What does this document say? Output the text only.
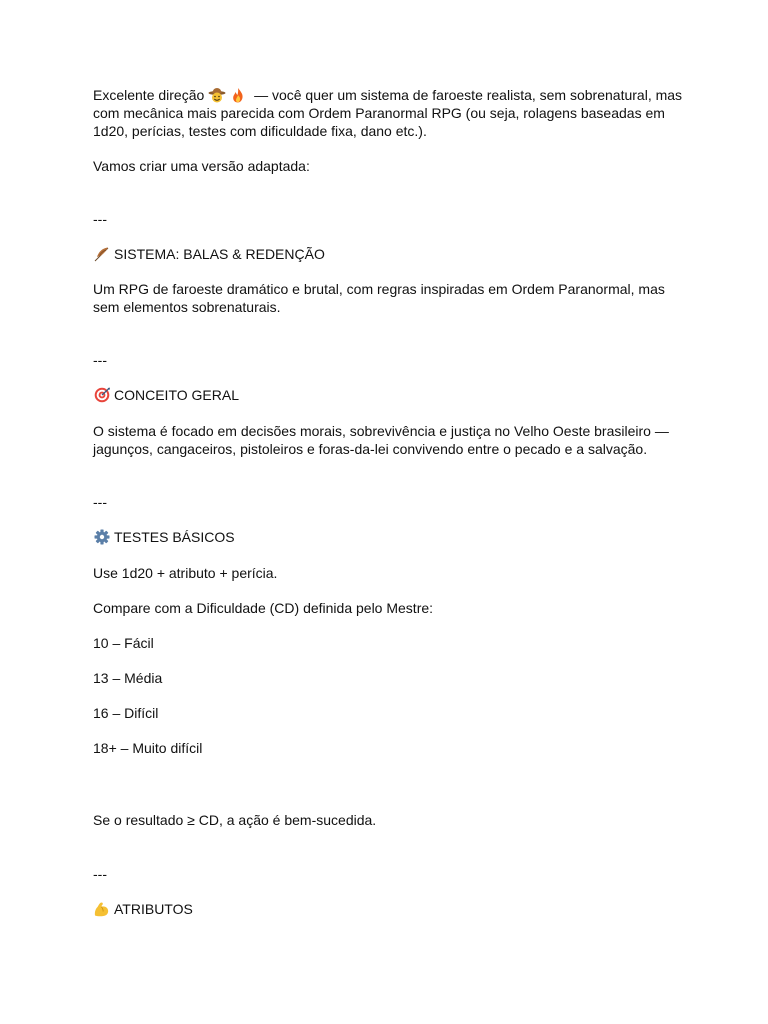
Excelente direção	— você quer um sistema de faroeste realista, sem sobrenatural, mas com mecânica mais parecida com Ordem Paranormal RPG (ou seja, rolagens baseadas em 1d20, perícias, testes com dificuldade fixa, dano etc.).

Vamos criar uma versão adaptada:

---

SISTEMA: BALAS & REDENÇÃO

Um RPG de faroeste dramático e brutal, com regras inspiradas em Ordem Paranormal, mas sem elementos sobrenaturais.

---

CONCEITO GERAL

O sistema é focado em decisões morais, sobrevivência e justiça no Velho Oeste brasileiro — jagunços, cangaceiros, pistoleiros e foras-da-lei convivendo entre o pecado e a salvação.

---

TESTES BÁSICOS

Use 1d20 + atributo + perícia.

Compare com a Dificuldade (CD) definida pelo Mestre:

10 – Fácil

13 – Média

16 – Difícil

18+ – Muito difícil

Se o resultado ≥ CD, a ação é bem-sucedida.

---

ATRIBUTOS
